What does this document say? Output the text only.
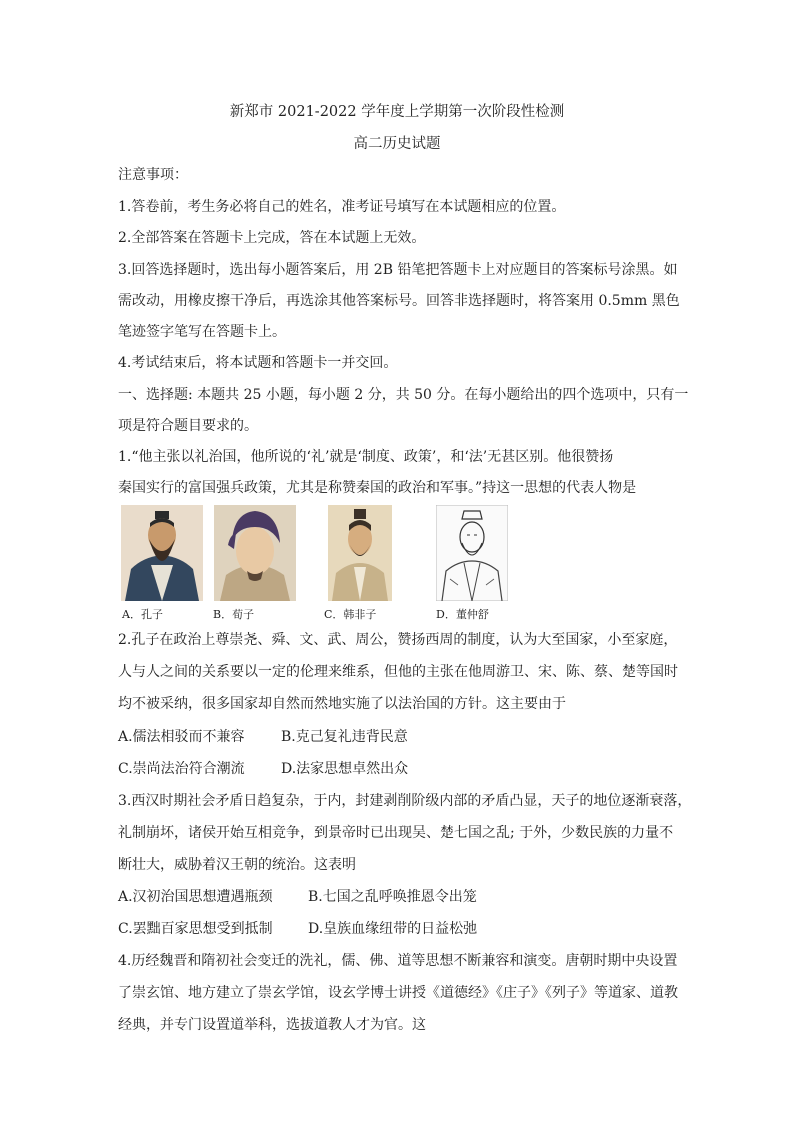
新郑市 2021-2022 学年度上学期第一次阶段性检测
高二历史试题
注意事项：
1.答卷前，考生务必将自己的姓名，准考证号填写在本试题相应的位置。
2.全部答案在答题卡上完成，答在本试题上无效。
3.回答选择题时，选出每小题答案后，用 2B 铅笔把答题卡上对应题目的答案标号涂黑。如
需改动，用橡皮擦干净后，再选涂其他答案标号。回答非选择题时，将答案用 0.5mm 黑色
笔迹签字笔写在答题卡上。
4.考试结束后，将本试题和答题卡一并交回。
一、选择题: 本题共 25 小题，每小题 2 分，共 50 分。在每小题给出的四个选项中，只有一
项是符合题目要求的。
1.“他主张以礼治国，他所说的‘礼’就是‘制度、政策’，和‘法’无甚区别。他很赞扬
秦国实行的富国强兵政策，尤其是称赞秦国的政治和军事。”持这一思想的代表人物是
A．孔子	B．荀子	C．韩非子	D．董仲舒
2.孔子在政治上尊崇尧、舜、文、武、周公，赞扬西周的制度，认为大至国家，小至家庭，
人与人之间的关系要以一定的伦理来维系，但他的主张在他周游卫、宋、陈、蔡、楚等国时
均不被采纳，很多国家却自然而然地实施了以法治国的方针。这主要由于
A.儒法相驳而不兼容	B.克己复礼违背民意
C.崇尚法治符合潮流	D.法家思想卓然出众
3.西汉时期社会矛盾日趋复杂，于内，封建剥削阶级内部的矛盾凸显，天子的地位逐渐衰落，
礼制崩坏，诸侯开始互相竞争，到景帝时已出现吴、楚七国之乱; 于外，少数民族的力量不
断壮大，威胁着汉王朝的统治。这表明
A.汉初治国思想遭遇瓶颈	B.七国之乱呼唤推恩令出笼
C.罢黜百家思想受到抵制	D.皇族血缘纽带的日益松弛
4.历经魏晋和隋初社会变迁的洗礼，儒、佛、道等思想不断兼容和演变。唐朝时期中央设置
了崇玄馆、地方建立了崇玄学馆，设玄学博士讲授《道德经》《庄子》《列子》等道家、道教
经典，并专门设置道举科，选拔道教人才为官。这
